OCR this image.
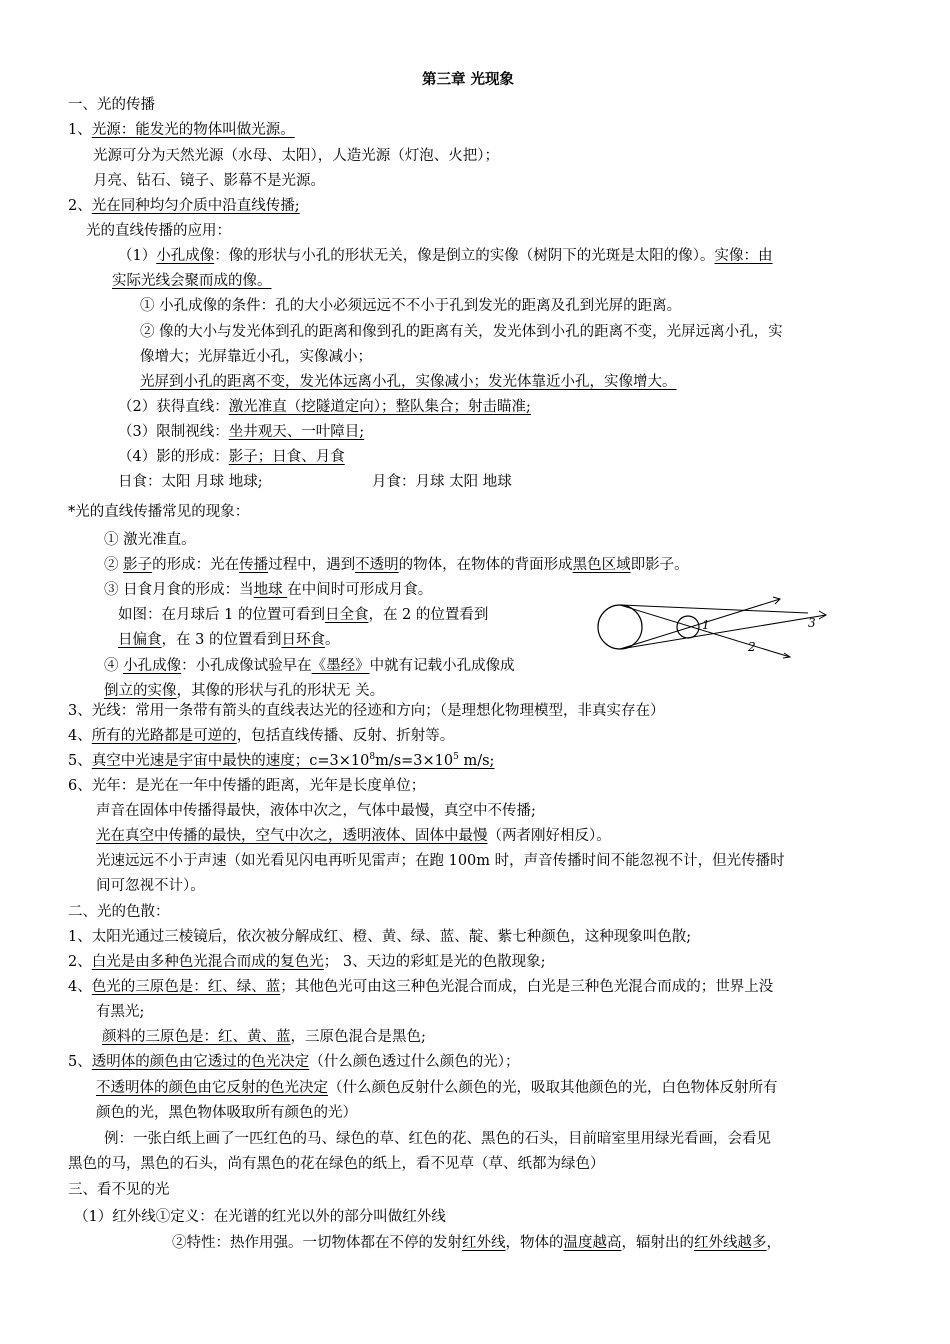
第三章 光现象
一、光的传播
1、光源：能发光的物体叫做光源。
光源可分为天然光源（水母、太阳），人造光源（灯泡、火把）；
月亮、钻石、镜子、影幕不是光源。
2、光在同种均匀介质中沿直线传播;
光的直线传播的应用：
（1）小孔成像：像的形状与小孔的形状无关，像是倒立的实像（树阴下的光斑是太阳的像）。实像：由
实际光线会聚而成的像。
① 小孔成像的条件：孔的大小必须远远不不小于孔到发光的距离及孔到光屏的距离。
② 像的大小与发光体到孔的距离和像到孔的距离有关，发光体到小孔的距离不变，光屏远离小孔，实
像增大；光屏靠近小孔，实像减小；
光屏到小孔的距离不变，发光体远离小孔，实像减小；发光体靠近小孔，实像增大。
（2）获得直线：激光准直（挖隧道定向）；整队集合；射击瞄准;
（3）限制视线：坐井观天、一叶障目;
（4）影的形成：影子；日食、月食
日食：太阳 月球 地球;	月食：月球 太阳 地球
*光的直线传播常见的现象：
① 激光准直。
② 影子的形成：光在传播过程中，遇到不透明的物体，在物体的背面形成黑色区域即影子。
③ 日食月食的形成：当地球 在中间时可形成月食。
如图：在月球后 1 的位置可看到日全食，在 2 的位置看到
日偏食，在 3 的位置看到日环食。
④ 小孔成像：小孔成像试验早在《墨经》中就有记载小孔成像成
倒立的实像，其像的形状与孔的形状无 关。
1
2
3
3、光线：常用一条带有箭头的直线表达光的径迹和方向；（是理想化物理模型，非真实存在）
4、所有的光路都是可逆的，包括直线传播、反射、折射等。
5、真空中光速是宇宙中最快的速度；$c=3\times 10^8m/s=3\times 10^5$ m/s;
6、光年：是光在一年中传播的距离，光年是长度单位；
声音在固体中传播得最快，液体中次之，气体中最慢，真空中不传播;
光在真空中传播的最快，空气中次之，透明液体、固体中最慢（两者刚好相反）。
光速远远不小于声速（如光看见闪电再听见雷声；在跑 100m 时，声音传播时间不能忽视不计，但光传播时
间可忽视不计）。
二、光的色散：
1、太阳光通过三棱镜后，依次被分解成红、橙、黄、绿、蓝、靛、紫七种颜色，这种现象叫色散;
2、白光是由多种色光混合而成的复色光； 3、天边的彩虹是光的色散现象;
4、色光的三原色是：红、绿、蓝；其他色光可由这三种色光混合而成，白光是三种色光混合而成的；世界上没
有黑光;
颜料的三原色是：红、黄、蓝，三原色混合是黑色;
5、透明体的颜色由它透过的色光决定（什么颜色透过什么颜色的光）；
不透明体的颜色由它反射的色光决定（什么颜色反射什么颜色的光，吸取其他颜色的光，白色物体反射所有
颜色的光，黑色物体吸取所有颜色的光）
例：一张白纸上画了一匹红色的马、绿色的草、红色的花、黑色的石头，目前暗室里用绿光看画，会看见
黑色的马，黑色的石头，尚有黑色的花在绿色的纸上，看不见草（草、纸都为绿色）
三、看不见的光
（1）红外线①定义：在光谱的红光以外的部分叫做红外线
②特性：热作用强。一切物体都在不停的发射红外线，物体的温度越高，辐射出的红外线越多，
